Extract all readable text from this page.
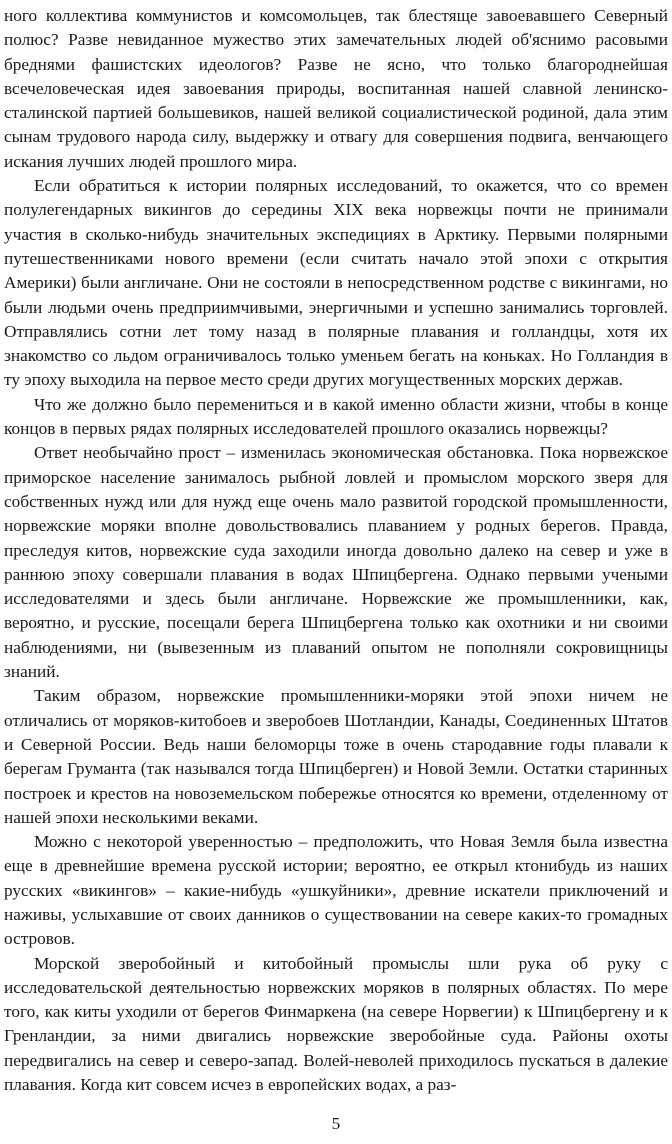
ного коллектива коммунистов и комсомольцев, так блестяще завоевавшего Северный полюс? Разве невиданное мужество этих замечательных людей об'яснимо расовыми бреднями фашистских идеологов? Разве не ясно, что только благороднейшая всечеловеческая идея завоевания природы, воспитанная нашей славной ленинско-сталинской партией большевиков, нашей великой социалистической родиной, дала этим сынам трудового народа силу, выдержку и отвагу для совершения подвига, венчающего искания лучших людей прошлого мира.

Если обратиться к истории полярных исследований, то окажется, что со времен полулегендарных викингов до середины XIX века норвежцы почти не принимали участия в сколько-нибудь значительных экспедициях в Арктику. Первыми полярными путешественниками нового времени (если считать начало этой эпохи с открытия Америки) были англичане. Они не состояли в непосредственном родстве с викингами, но были людьми очень предприимчивыми, энергичными и успешно занимались торговлей. Отправлялись сотни лет тому назад в полярные плавания и голландцы, хотя их знакомство со льдом ограничивалось только уменьем бегать на коньках. Но Голландия в ту эпоху выходила на первое место среди других могущественных морских держав.

Что же должно было перемениться и в какой именно области жизни, чтобы в конце концов в первых рядах полярных исследователей прошлого оказались норвежцы?

Ответ необычайно прост – изменилась экономическая обстановка. Пока норвежское приморское население занималось рыбной ловлей и промыслом морского зверя для собственных нужд или для нужд еще очень мало развитой городской промышленности, норвежские моряки вполне довольствовались плаванием у родных берегов. Правда, преследуя китов, норвежские суда заходили иногда довольно далеко на север и уже в раннюю эпоху совершали плавания в водах Шпицбергена. Однако первыми учеными исследователями и здесь были англичане. Норвежские же промышленники, как, вероятно, и русские, посещали берега Шпицбергена только как охотники и ни своими наблюдениями, ни (вывезенным из плаваний опытом не пополняли сокровищницы знаний.

Таким образом, норвежские промышленники-моряки этой эпохи ничем не отличались от моряков-китобоев и зверобоев Шотландии, Канады, Соединенных Штатов и Северной России. Ведь наши беломорцы тоже в очень стародавние годы плавали к берегам Груманта (так назывался тогда Шпицберген) и Новой Земли. Остатки старинных построек и крестов на новоземельском побережье относятся ко времени, отделенному от нашей эпохи несколькими веками.

Можно с некоторой уверенностью – предположить, что Новая Земля была известна еще в древнейшие времена русской истории; вероятно, ее открыл ктонибудь из наших русских «викингов» – какие-нибудь «ушкуйники», древние искатели приключений и наживы, услыхавшие от своих данников о существовании на севере каких-то громадных островов.

Морской зверобойный и китобойный промыслы шли рука об руку с исследовательской деятельностью норвежских моряков в полярных областях. По мере того, как киты уходили от берегов Финмаркена (на севере Норвегии) к Шпицбергену и к Гренландии, за ними двигались норвежские зверобойные суда. Районы охоты передвигались на север и северо-запад. Волей-неволей приходилось пускаться в далекие плавания. Когда кит совсем исчез в европейских водах, а раз-

5
